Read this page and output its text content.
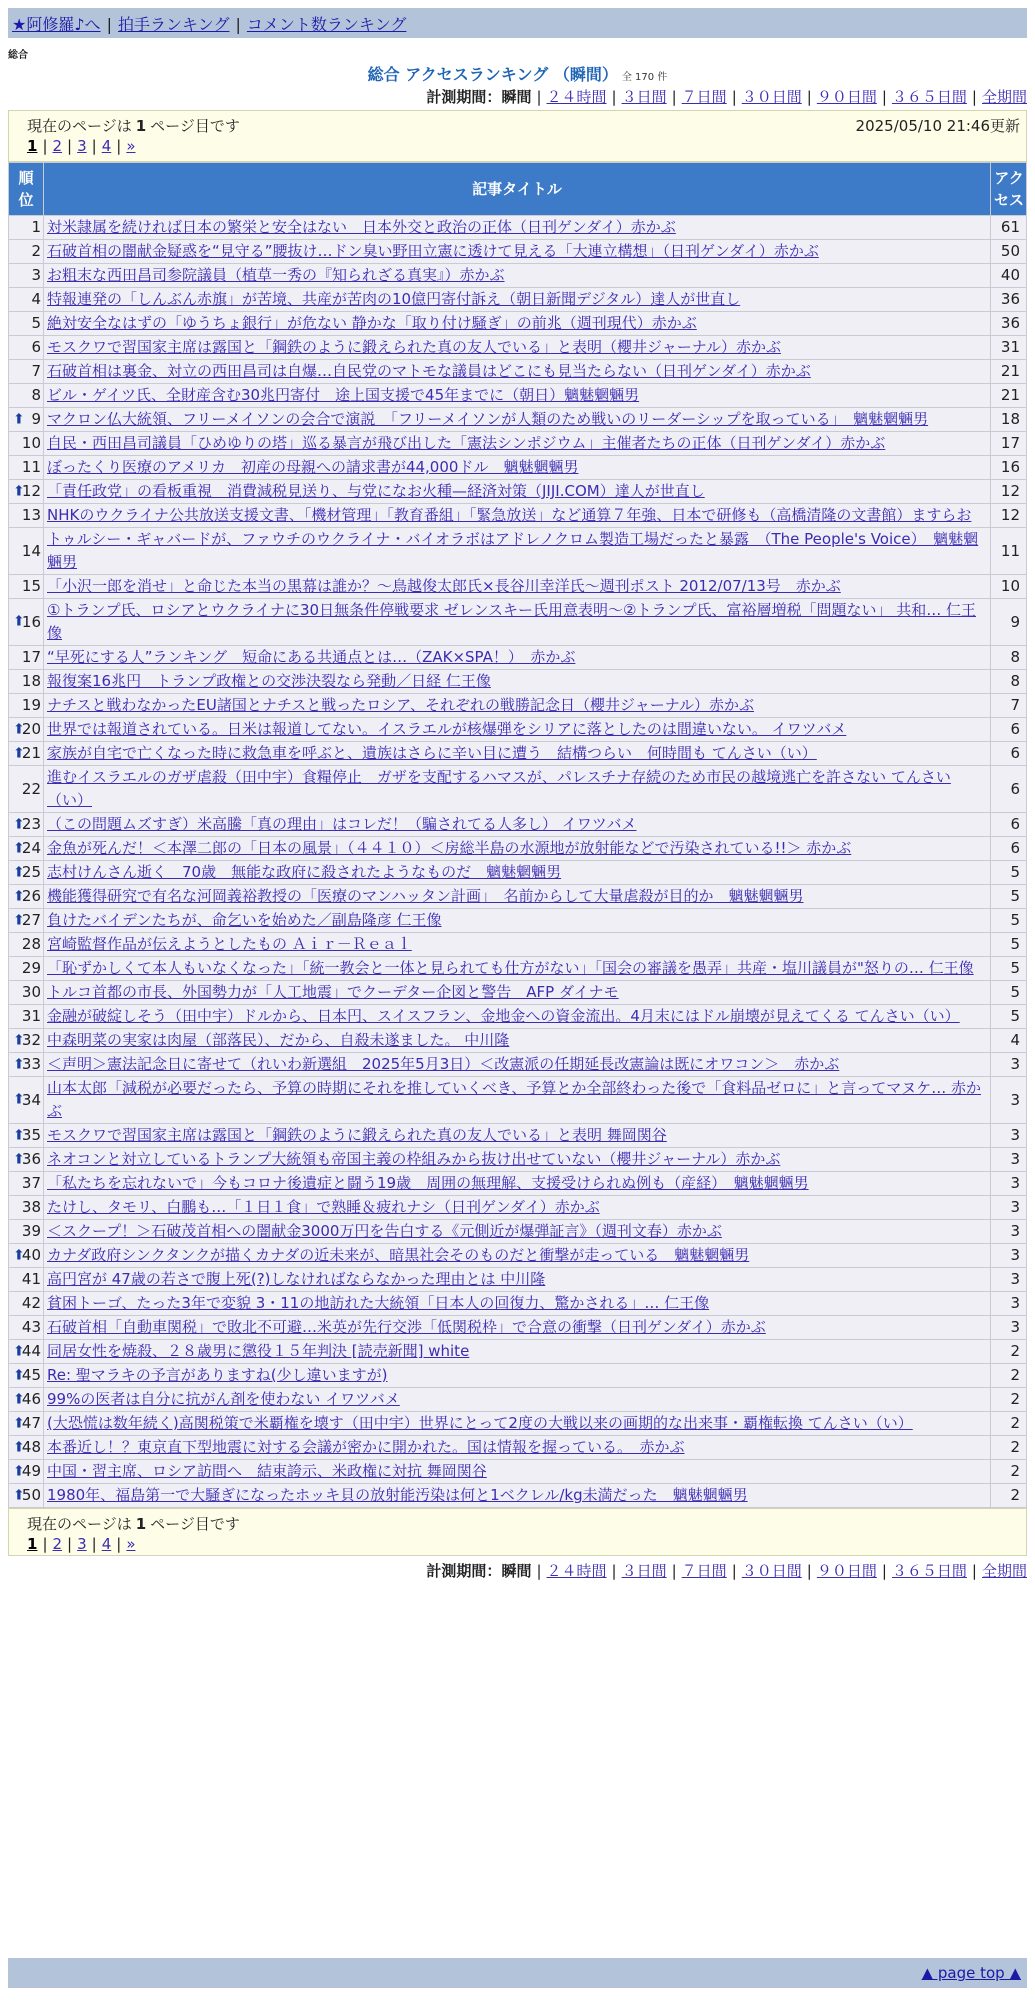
★阿修羅♪へ | 拍手ランキング | コメント数ランキング
総合
総合 アクセスランキング （瞬間） 全 170 件
計測期間：瞬間 | ２４時間 | ３日間 | ７日間 | ３０日間 | ９０日間 | ３６５日間 | 全期間
現在のページは 1 ページ目です	2025/05/10 21:46更新
1 | 2 | 3 | 4 | »
順位	記事タイトル	アクセス
1	対米隷属を続ければ日本の繁栄と安全はない　日本外交と政治の正体（日刊ゲンダイ）赤かぶ	61
2	石破首相の闇献金疑惑を“見守る”腰抜け…ドン臭い野田立憲に透けて見える「大連立構想」（日刊ゲンダイ）赤かぶ	50
3	お粗末な西田昌司参院議員（植草一秀の『知られざる真実』）赤かぶ	40
4	特報連発の「しんぶん赤旗」が苦境、共産が苦肉の10億円寄付訴え（朝日新聞デジタル）達人が世直し	36
5	絶対安全なはずの「ゆうちょ銀行」が危ない 静かな「取り付け騒ぎ」の前兆（週刊現代）赤かぶ	36
6	モスクワで習国家主席は露国と「鋼鉄のように鍛えられた真の友人でいる」と表明（櫻井ジャーナル）赤かぶ	31
7	石破首相は裏金、対立の西田昌司は自爆…自民党のマトモな議員はどこにも見当たらない（日刊ゲンダイ）赤かぶ	21
8	ビル・ゲイツ氏、全財産含む30兆円寄付　途上国支援で45年までに（朝日）魑魅魍魎男	21

⬆ 9	マクロン仏大統領、フリーメイソンの会合で演説　「フリーメイソンが人類のため戦いのリーダーシップを取っている」　魑魅魍魎男	18
10	自民・西田昌司議員「ひめゆりの塔」巡る暴言が飛び出した「憲法シンポジウム」主催者たちの正体（日刊ゲンダイ）赤かぶ	17
11	ぼったくり医療のアメリカ　初産の母親への請求書が44,000ドル　魑魅魍魎男	16

⬆
12	「責任政党」の看板重視　消費減税見送り、与党になお火種—経済対策（JIJI.COM）達人が世直し	12
13	NHKのウクライナ公共放送支援文書、「機材管理」「教育番組」「緊急放送」など通算７年強、日本で研修も（高橋清隆の文書館）ますらお	12
14	トゥルシー・ギャバードが、ファウチのウクライナ・バイオラボはアドレノクロム製造工場だったと暴露　（The People's Voice）　魑魅魍魎男	11
15	「小沢一郎を消せ」と命じた本当の黒幕は誰か？～鳥越俊太郎氏×長谷川幸洋氏～週刊ポスト 2012/07/13号　赤かぶ	10

⬆
16	①トランプ氏、ロシアとウクライナに30日無条件停戦要求 ゼレンスキー氏用意表明～②トランプ氏、富裕層増税「問題ない」 共和… 仁王像	9
17	“早死にする人”ランキング　短命にある共通点とは…（ZAK×SPA！）　赤かぶ	8
18	報復案16兆円　トランプ政権との交渉決裂なら発動／日経 仁王像	8
19	ナチスと戦わなかったEU諸国とナチスと戦ったロシア、それぞれの戦勝記念日（櫻井ジャーナル）赤かぶ	7

⬆
20	世界では報道されている。日米は報道してない。イスラエルが核爆弾をシリアに落としたのは間違いない。 イワツバメ	6

⬆
21	家族が自宅で亡くなった時に救急車を呼ぶと、遺族はさらに辛い目に遭う　結構つらい　何時間も てんさい（い）	6
22	進むイスラエルのガザ虐殺（田中宇）食糧停止　ガザを支配するハマスが、パレスチナ存続のため市民の越境逃亡を許さない てんさい（い）	6

⬆
23	（この問題ムズすぎ）米高騰「真の理由」はコレだ！（騙されてる人多し） イワツバメ	6

⬆
24	金魚が死んだ！＜本澤二郎の「日本の風景」（４４１０）＜房総半島の水源地が放射能などで汚染されている!!＞ 赤かぶ	6

⬆
25	志村けんさん逝く　70歳　無能な政府に殺されたようなものだ　魑魅魍魎男	5

⬆
26	機能獲得研究で有名な河岡義裕教授の「医療のマンハッタン計画」　名前からして大量虐殺が目的か　魑魅魍魎男	5

⬆
27	負けたバイデンたちが、命乞いを始めた／副島隆彦 仁王像	5
28	宮崎監督作品が伝えようとしたもの Ａｉｒ－Ｒｅａｌ	5
29	「恥ずかしくて本人もいなくなった」「統一教会と一体と見られても仕方がない」「国会の審議を愚弄」共産・塩川議員が"怒りの… 仁王像	5
30	トルコ首都の市長、外国勢力が「人工地震」でクーデター企図と警告　AFP ダイナモ	5
31	金融が破綻しそう（田中宇）ドルから、日本円、スイスフラン、金地金への資金流出。4月末にはドル崩壊が見えてくる てんさい（い）	5

⬆
32	中森明菜の実家は肉屋（部落民）、だから、自殺未遂ました。 中川隆	4

⬆
33	＜声明＞憲法記念日に寄せて（れいわ新選組　2025年5月3日）＜改憲派の任期延長改憲論は既にオワコン＞　赤かぶ	3

⬆
34	山本太郎「減税が必要だったら、予算の時期にそれを推していくべき、予算とか全部終わった後で「食料品ゼロに」と言ってマヌケ… 赤かぶ	3

⬆
35	モスクワで習国家主席は露国と「鋼鉄のように鍛えられた真の友人でいる」と表明 舞岡関谷	3

⬆
36	ネオコンと対立しているトランプ大統領も帝国主義の枠組みから抜け出せていない（櫻井ジャーナル）赤かぶ	3
37	「私たちを忘れないで」今もコロナ後遺症と闘う19歳　周囲の無理解、支援受けられぬ例も（産経）　魑魅魍魎男	3
38	たけし、タモリ、白鵬も…「１日１食」で熟睡＆疲れナシ（日刊ゲンダイ）赤かぶ	3
39	＜スクープ！＞石破茂首相への闇献金3000万円を告白する《元側近が爆弾証言》（週刊文春）赤かぶ	3

⬆
40	カナダ政府シンクタンクが描くカナダの近未来が、暗黒社会そのものだと衝撃が走っている　魑魅魍魎男	3
41	高円宮が 47歳の若さで腹上死(?)しなければならなかった理由とは 中川隆	3
42	貧困トーゴ、たった3年で変貌 3・11の地訪れた大統領「日本人の回復力、驚かされる」… 仁王像	3
43	石破首相「自動車関税」で敗北不可避…米英が先行交渉「低関税枠」で合意の衝撃（日刊ゲンダイ）赤かぶ	3

⬆
44	同居女性を焼殺、２８歳男に懲役１５年判決 [読売新聞] white	2

⬆
45	Re: 聖マラキの予言がありますね(少し違いますが)	2

⬆
46	99%の医者は自分に抗がん剤を使わない イワツバメ	2

⬆
47	(大恐慌は数年続く)高関税策で米覇権を壊す（田中宇）世界にとって2度の大戦以来の画期的な出来事・覇権転換 てんさい（い）	2

⬆
48	本番近し！？東京直下型地震に対する会議が密かに開かれた。国は情報を握っている。　赤かぶ	2

⬆
49	中国・習主席、ロシア訪問へ　結束誇示、米政権に対抗 舞岡関谷	2

⬆
50	1980年、福島第一で大騒ぎになったホッキ貝の放射能汚染は何と1ベクレル/kg未満だった　魑魅魍魎男	2
現在のページは 1 ページ目です
1 | 2 | 3 | 4 | »
計測期間：瞬間 | ２４時間 | ３日間 | ７日間 | ３０日間 | ９０日間 | ３６５日間 | 全期間
▲ page top ▲
